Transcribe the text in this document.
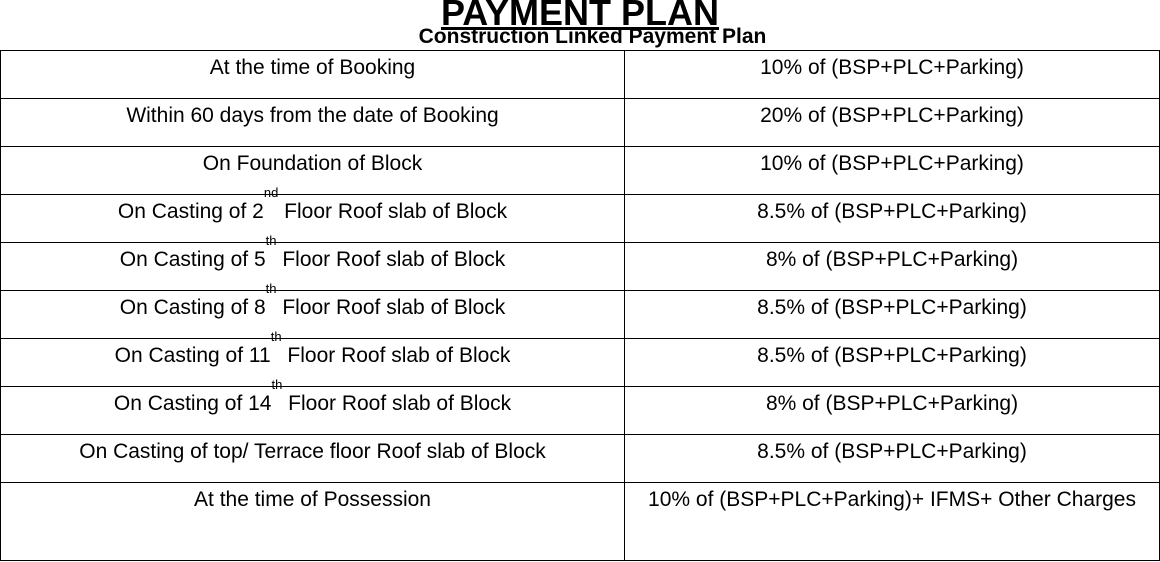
PAYMENT PLAN
Construction Linked Payment Plan
At the time of Booking	10% of (BSP+PLC+Parking)
Within 60 days from the date of Booking	20% of (BSP+PLC+Parking)
On Foundation of Block	10% of (BSP+PLC+Parking)
On Casting of 2nd Floor Roof slab of Block	8.5% of (BSP+PLC+Parking)
On Casting of 5th Floor Roof slab of Block	8% of (BSP+PLC+Parking)
On Casting of 8th Floor Roof slab of Block	8.5% of (BSP+PLC+Parking)
On Casting of 11th Floor Roof slab of Block	8.5% of (BSP+PLC+Parking)
On Casting of 14th Floor Roof slab of Block	8% of (BSP+PLC+Parking)
On Casting of top/ Terrace floor Roof slab of Block	8.5% of (BSP+PLC+Parking)
At the time of Possession	10% of (BSP+PLC+Parking)+ IFMS+ Other Charges
